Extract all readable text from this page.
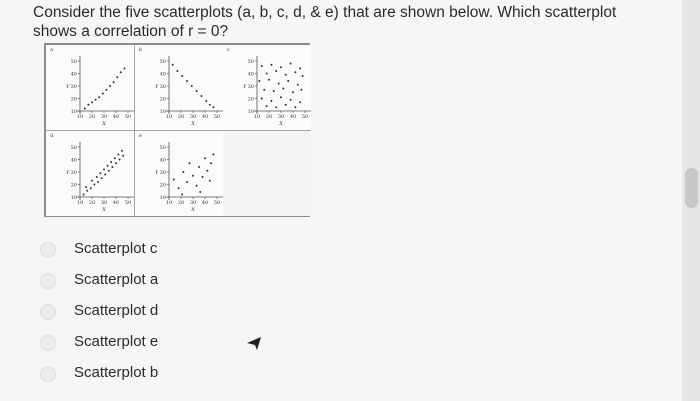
Consider the five scatterplots (a, b, c, d, & e) that are shown below. Which scatterplot shows a correlation of r = 0?
a
50
40
30
20
10
10 20 30 40 50
Y
X
b
50
40
30
20
10
10 20 30 40 50
Y
X
c
50
40
30
20
10
10 20 30 40 50
Y
X
d
50
40
30
20
10
10 20 30 40 50
Y
X
e
50
40
30
20
10
10 20 30 40 50
Y
X
Scatterplot c
Scatterplot a
Scatterplot d
Scatterplot e
Scatterplot b
